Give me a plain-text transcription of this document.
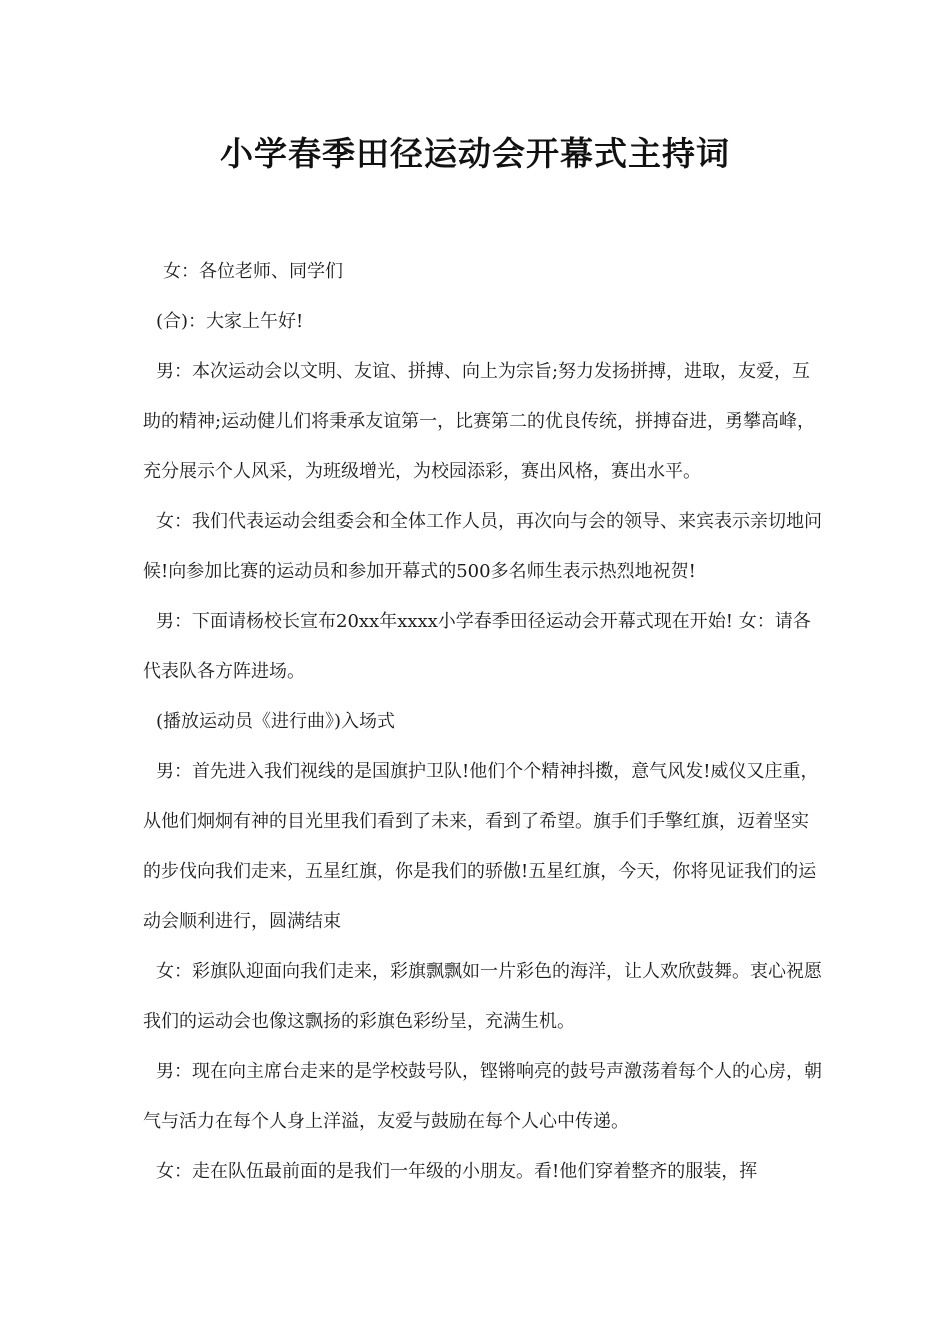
小学春季田径运动会开幕式主持词

女：各位老师、同学们

(合)：大家上午好!

男：本次运动会以文明、友谊、拼搏、向上为宗旨;努力发扬拼搏，进取，友爱，互助的精神;运动健儿们将秉承友谊第一，比赛第二的优良传统，拼搏奋进，勇攀高峰，充分展示个人风采，为班级增光，为校园添彩，赛出风格，赛出水平。

女：我们代表运动会组委会和全体工作人员，再次向与会的领导、来宾表示亲切地问候!向参加比赛的运动员和参加开幕式的500多名师生表示热烈地祝贺!

男：下面请杨校长宣布20xx年xxxx小学春季田径运动会开幕式现在开始! 女：请各代表队各方阵进场。

(播放运动员《进行曲》)入场式

男：首先进入我们视线的是国旗护卫队!他们个个精神抖擞，意气风发!威仪又庄重，从他们炯炯有神的目光里我们看到了未来，看到了希望。旗手们手擎红旗，迈着坚实的步伐向我们走来，五星红旗，你是我们的骄傲!五星红旗，今天，你将见证我们的运动会顺利进行，圆满结束

女：彩旗队迎面向我们走来，彩旗飘飘如一片彩色的海洋，让人欢欣鼓舞。衷心祝愿我们的运动会也像这飘扬的彩旗色彩纷呈，充满生机。

男：现在向主席台走来的是学校鼓号队，铿锵响亮的鼓号声激荡着每个人的心房，朝气与活力在每个人身上洋溢，友爱与鼓励在每个人心中传递。

女：走在队伍最前面的是我们一年级的小朋友。看!他们穿着整齐的服装，挥
